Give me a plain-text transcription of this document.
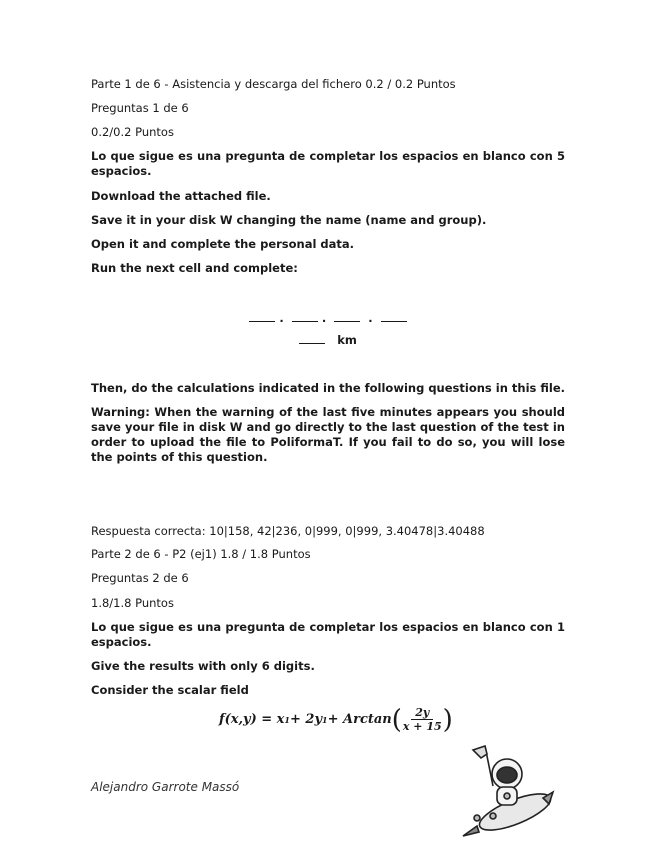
Parte 1 de 6 - Asistencia y descarga del fichero 0.2 / 0.2 Puntos
Preguntas 1 de 6
0.2/0.2 Puntos
Lo que sigue es una pregunta de completar los espacios en blanco con 5 espacios.
Download the attached file.
Save it in your disk W changing the name (name and group).
Open it and complete the personal data.
Run the next cell and complete:
.	.	.
km
Then, do the calculations indicated in the following questions in this file.
Warning: When the warning of the last five minutes appears you should save your file in disk W and go directly to the last question of the test in order to upload the file to PoliformaT. If you fail to do so, you will lose the points of this question.
Respuesta correcta: 10|158, 42|236, 0|999, 0|999, 3.40478|3.40488
Parte 2 de 6 - P2 (ej1) 1.8 / 1.8 Puntos
Preguntas 2 de 6
1.8/1.8 Puntos
Lo que sigue es una pregunta de completar los espacios en blanco con 1 espacios.
Give the results with only 6 digits.
Consider the scalar field
f(x,y) = x 1 + 2y 1 + Arctan ( $\frac{2y}{x + 15}$ )
Alejandro Garrote Massó
